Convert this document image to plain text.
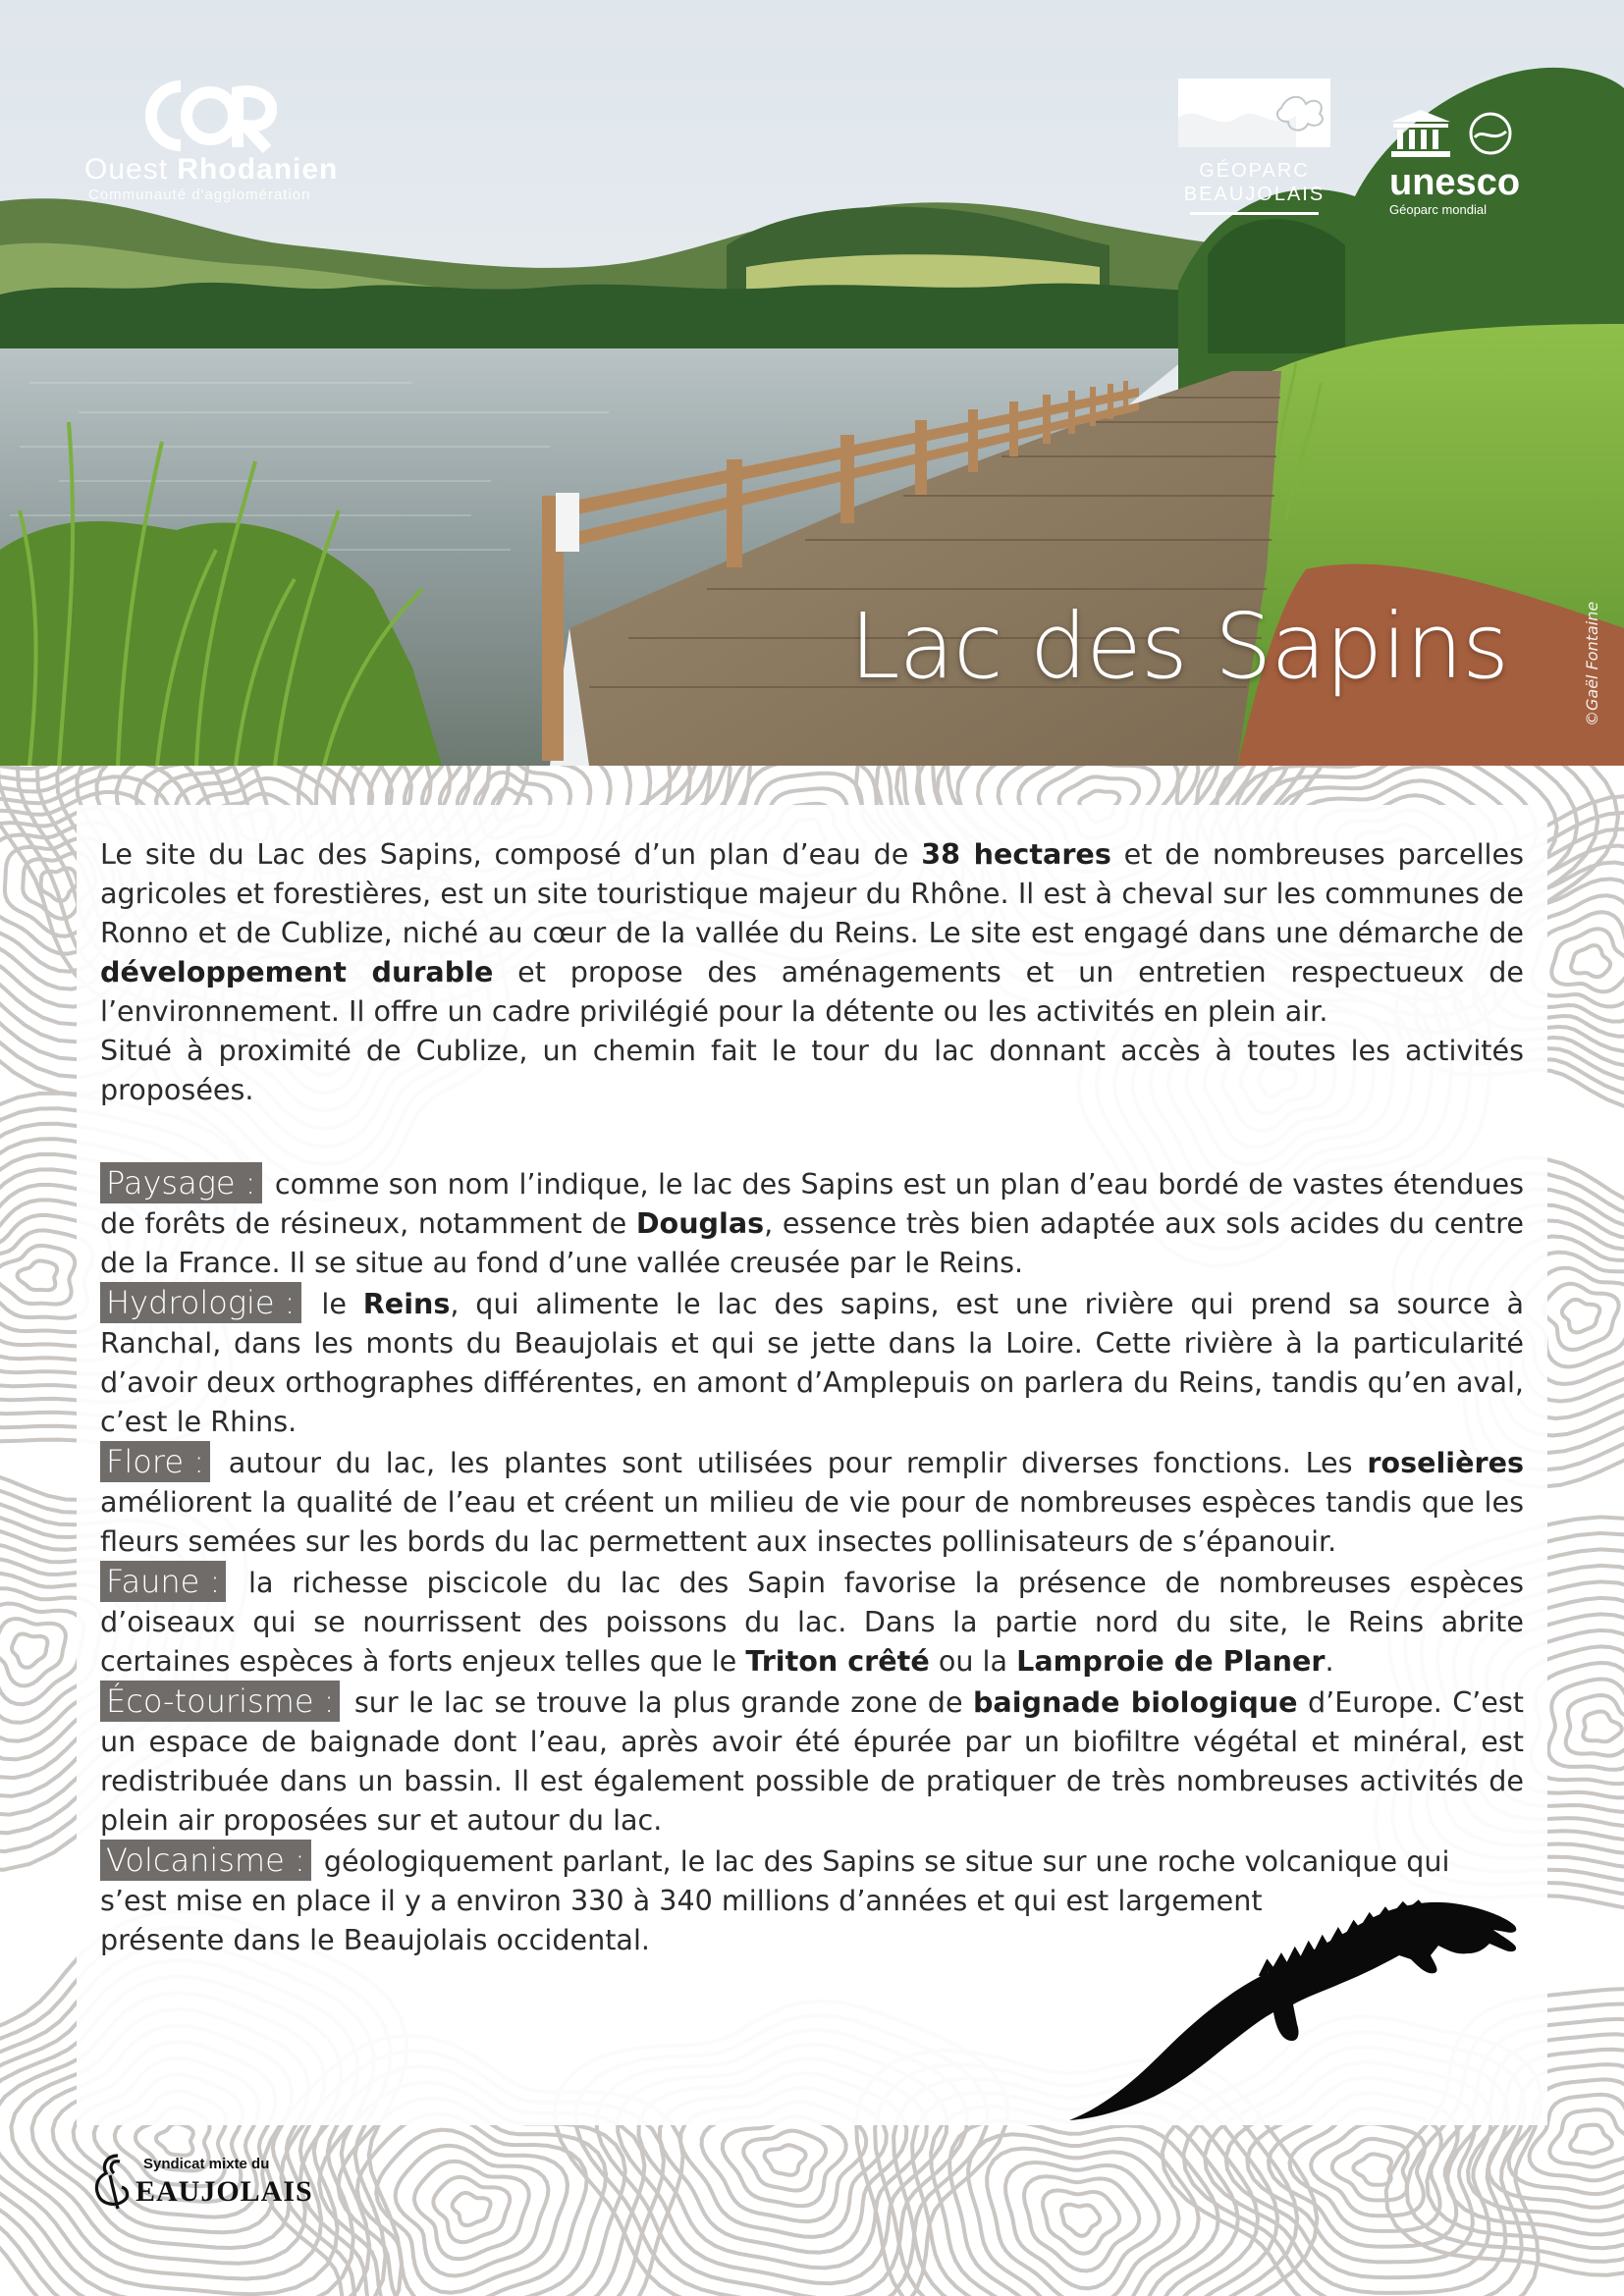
Ouest Rhodanien
Communauté d'agglomération
GÉOPARC
BEAUJOLAIS
unesco
Géoparc mondial
Lac des Sapins	©Gaël Fontaine

Le site du Lac des Sapins, composé d’un plan d’eau de 38 hectares et de nombreuses parcelles agricoles et forestières, est un site touristique majeur du Rhône. Il est à cheval sur les communes de Ronno et de Cublize, niché au cœur de la vallée du Reins. Le site est engagé dans une démarche de développement durable et propose des aménagements et un entretien respectueux de l’environnement. Il offre un cadre privilégié pour la détente ou les activités en plein air.
Situé à proximité de Cublize, un chemin fait le tour du lac donnant accès à toutes les activités proposées.

Paysage : comme son nom l’indique, le lac des Sapins est un plan d’eau bordé de vastes étendues de forêts de résineux, notamment de Douglas, essence très bien adaptée aux sols acides du centre de la France. Il se situe au fond d’une vallée creusée par le Reins.

Hydrologie : le Reins, qui alimente le lac des sapins, est une rivière qui prend sa source à Ranchal, dans les monts du Beaujolais et qui se jette dans la Loire. Cette rivière à la particularité d’avoir deux orthographes différentes, en amont d’Amplepuis on parlera du Reins, tandis qu’en aval, c’est le Rhins.

Flore : autour du lac, les plantes sont utilisées pour remplir diverses fonctions. Les roselières améliorent la qualité de l’eau et créent un milieu de vie pour de nombreuses espèces tandis que les fleurs semées sur les bords du lac permettent aux insectes pollinisateurs de s’épanouir.

Faune : la richesse piscicole du lac des Sapin favorise la présence de nombreuses espèces d’oiseaux qui se nourrissent des poissons du lac. Dans la partie nord du site, le Reins abrite certaines espèces à forts enjeux telles que le Triton crêté ou la Lamproie de Planer.

Éco-tourisme : sur le lac se trouve la plus grande zone de baignade biologique d’Europe. C’est un espace de baignade dont l’eau, après avoir été épurée par un biofiltre végétal et minéral, est redistribuée dans un bassin. Il est également possible de pratiquer de très nombreuses activités de plein air proposées sur et autour du lac.

Volcanisme : géologiquement parlant, le lac des Sapins se situe sur une roche volcanique qui s’est mise en place il y a environ 330 à 340 millions d’années et qui est largement
présente dans le Beaujolais occidental.

Syndicat mixte du
EAUJOLAIS
